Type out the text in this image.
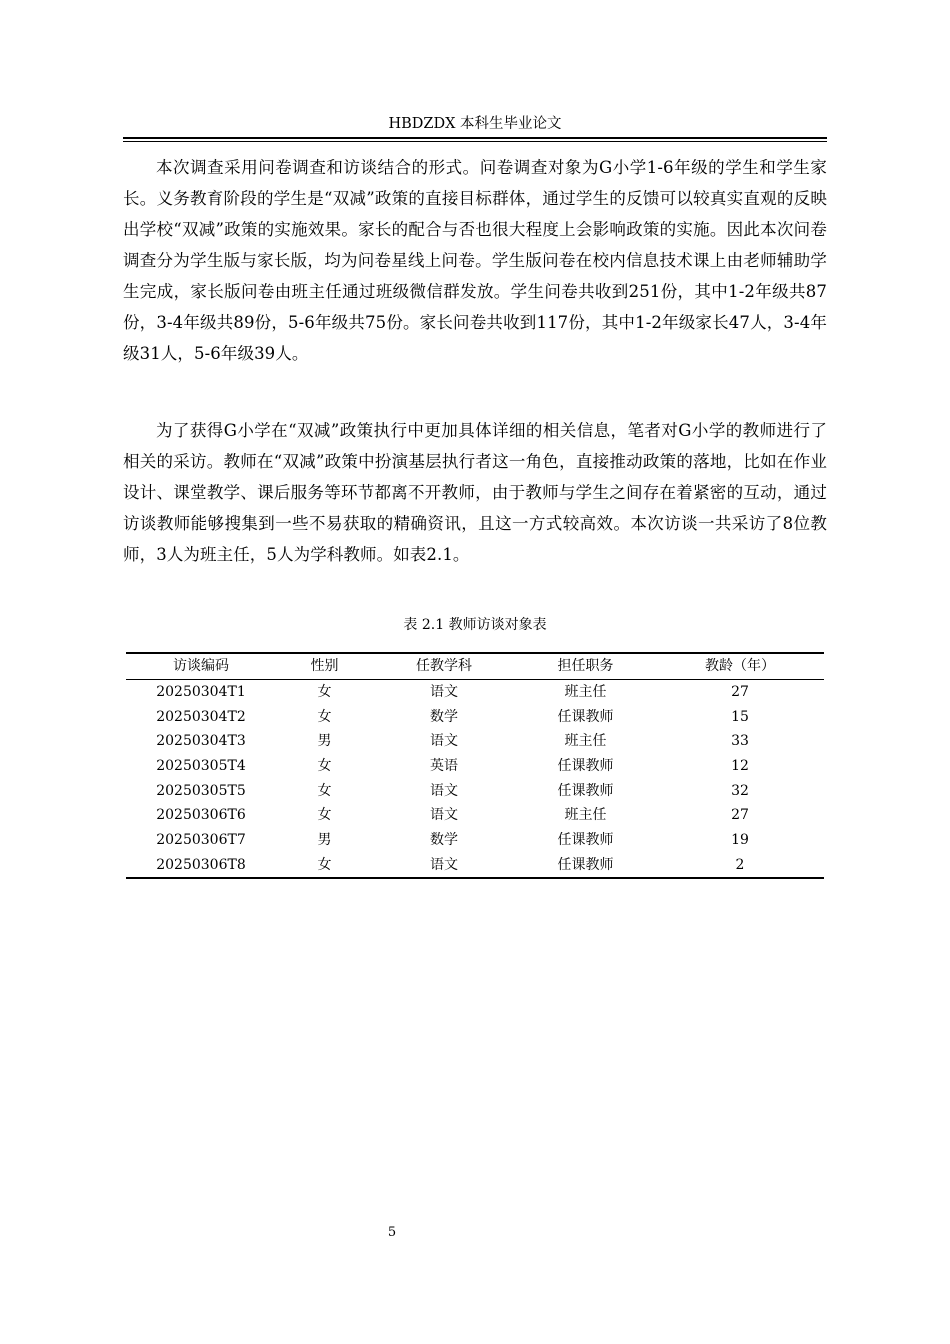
HBDZDX 本科生毕业论文

本次调查采用问卷调查和访谈结合的形式。问卷调查对象为G小学1-6年级的学生和学生家长。义务教育阶段的学生是“双减”政策的直接目标群体，通过学生的反馈可以较真实直观的反映出学校“双减”政策的实施效果。家长的配合与否也很大程度上会影响政策的实施。因此本次问卷调查分为学生版与家长版，均为问卷星线上问卷。学生版问卷在校内信息技术课上由老师辅助学生完成，家长版问卷由班主任通过班级微信群发放。学生问卷共收到251份，其中1-2年级共87份，3-4年级共89份，5-6年级共75份。家长问卷共收到117份，其中1-2年级家长47人，3-4年级31人，5-6年级39人。

为了获得G小学在“双减”政策执行中更加具体详细的相关信息，笔者对G小学的教师进行了相关的采访。教师在“双减”政策中扮演基层执行者这一角色，直接推动政策的落地，比如在作业设计、课堂教学、课后服务等环节都离不开教师，由于教师与学生之间存在着紧密的互动，通过访谈教师能够搜集到一些不易获取的精确资讯，且这一方式较高效。本次访谈一共采访了8位教师，3人为班主任，5人为学科教师。如表2.1。

表 2.1 教师访谈对象表
访谈编码	性别	任教学科	担任职务	教龄（年）
20250304T1	女	语文	班主任	27
20250304T2	女	数学	任课教师	15
20250304T3	男	语文	班主任	33
20250305T4	女	英语	任课教师	12
20250305T5	女	语文	任课教师	32
20250306T6	女	语文	班主任	27
20250306T7	男	数学	任课教师	19
20250306T8	女	语文	任课教师	2
5
